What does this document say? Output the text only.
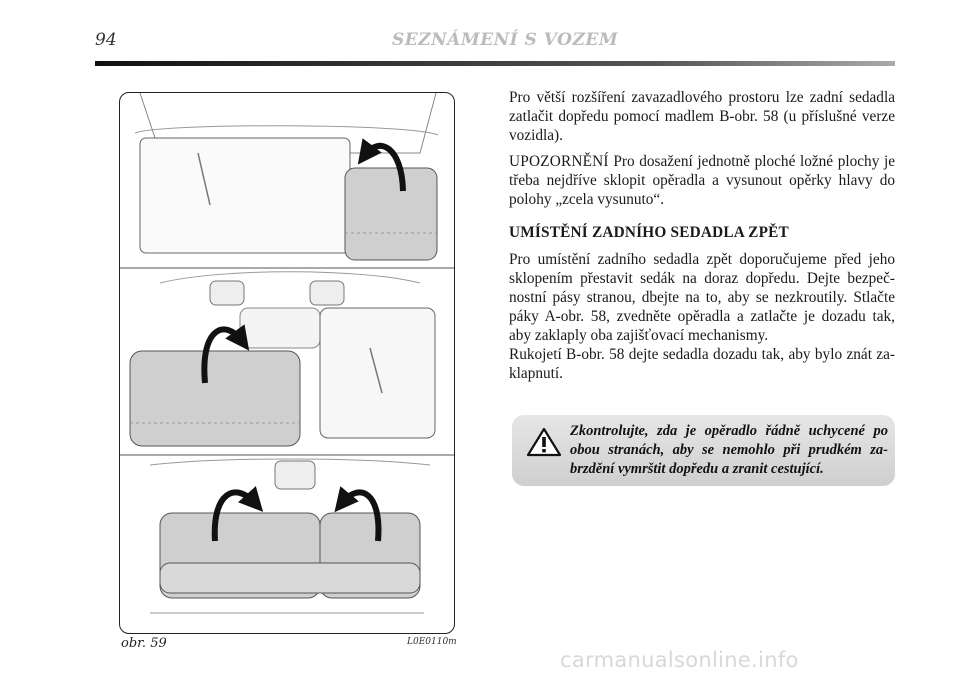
94	SEZNÁMENÍ S VOZEM
obr. 59	L0E0110m

Pro větší rozšíření zavazadlového prostoru lze zadní sedadla zatlačit dopředu pomocí madlem B-obr. 58 (u příslušné verze vozidla).

UPOZORNĚNÍ Pro dosažení jednotně ploché ložné plochy je třeba nejdříve sklopit opěradla a vysunout opěrky hlavy do polohy „zcela vysunuto“.

UMÍSTĚNÍ ZADNÍHO SEDADLA ZPĚT

Pro umístění zadního sedadla zpět doporučujeme před jeho sklopením přestavit sedák na doraz dopředu. Dejte bezpečnostní pásy stranou, dbejte na to, aby se nezkroutily. Stlačte páky A-obr. 58, zvedněte opěradla a zatlačte je dozadu tak, aby zaklaply oba zajišťovací mechanismy.

Rukojetí B-obr. 58 dejte sedadla dozadu tak, aby bylo znát zaklapnutí.

Zkontrolujte, zda je opěradlo řádně uchycené po obou stranách, aby se nemohlo při prudkém zabrzdění vymrštit dopředu a zranit cestující.
carmanualsonline.info
